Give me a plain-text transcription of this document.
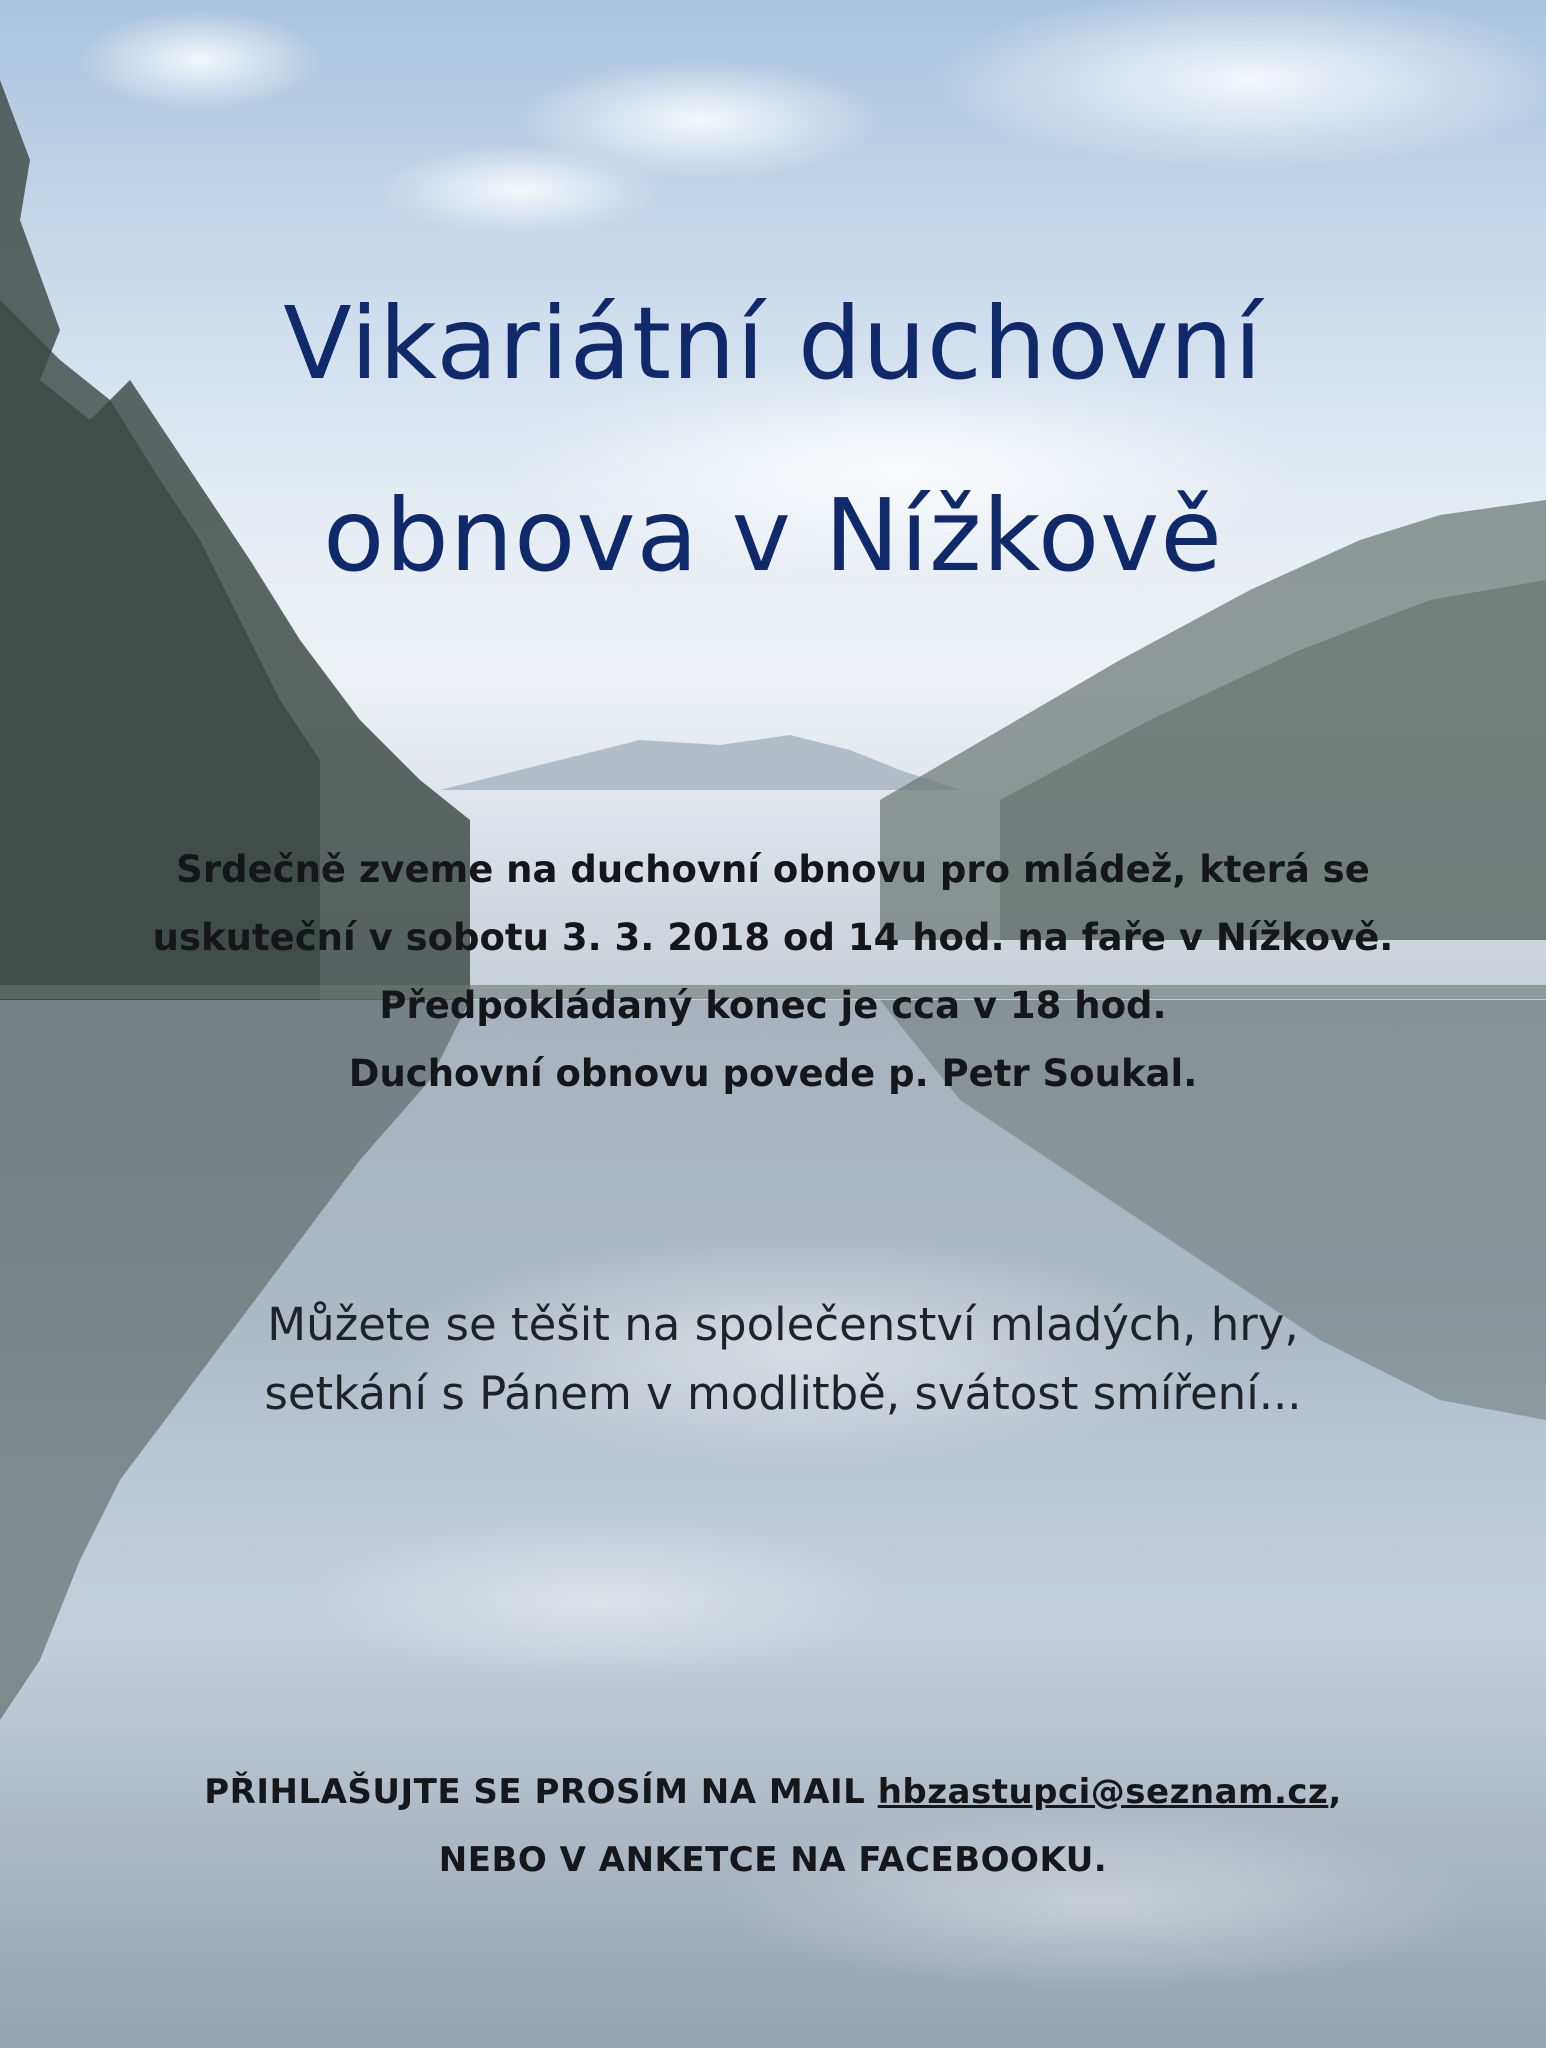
Vikariátní duchovní
obnova v Nížkově
Srdečně zveme na duchovní obnovu pro mládež, která se
uskuteční v sobotu 3. 3. 2018 od 14 hod. na faře v Nížkově.
Předpokládaný konec je cca v 18 hod.
Duchovní obnovu povede p. Petr Soukal.
Můžete se těšit na společenství mladých, hry,
setkání s Pánem v modlitbě, svátost smíření...
PŘIHLAŠUJTE SE PROSÍM NA MAIL hbzastupci@seznam.cz,
NEBO V ANKETCE NA FACEBOOKU.
